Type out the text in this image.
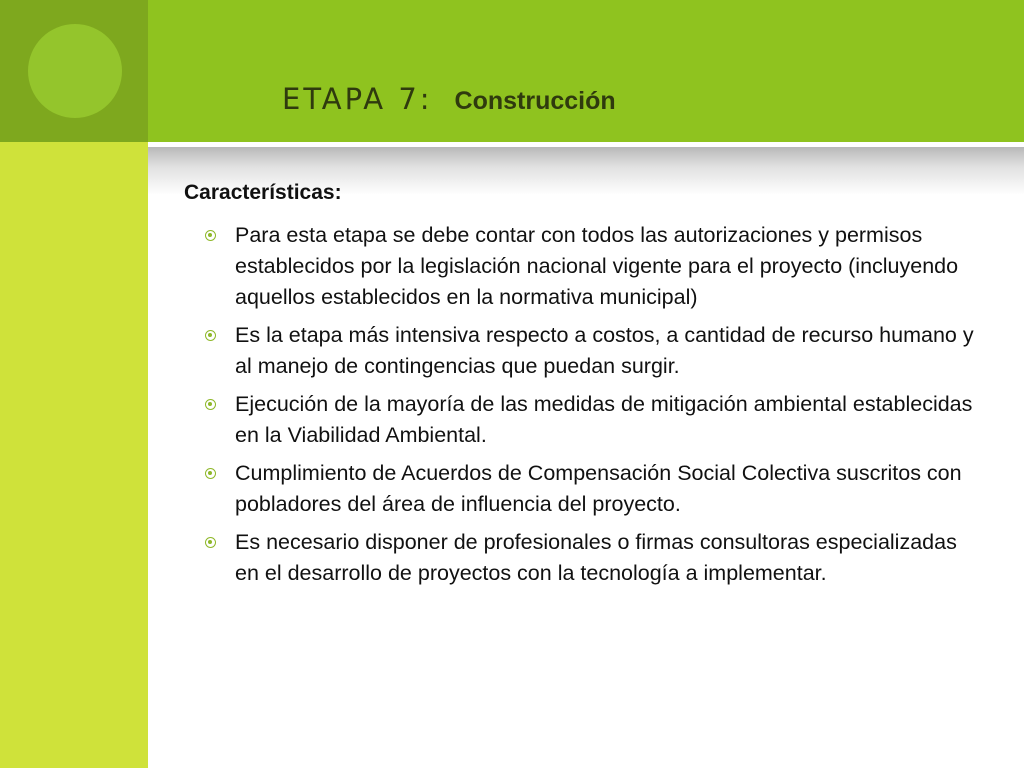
ETAPA 7: Construcción
Características:
Para esta etapa se debe contar con todos las autorizaciones y permisos establecidos por la legislación nacional vigente para el proyecto (incluyendo aquellos establecidos en la normativa municipal)
Es la etapa más intensiva respecto a costos, a cantidad de recurso humano y al manejo de contingencias que puedan surgir.
Ejecución de la mayoría de las medidas de mitigación ambiental establecidas en la Viabilidad Ambiental.
Cumplimiento de Acuerdos de Compensación Social Colectiva suscritos con pobladores del área de influencia del proyecto.
Es necesario disponer de profesionales o firmas consultoras especializadas en el desarrollo de proyectos con la tecnología a implementar.
